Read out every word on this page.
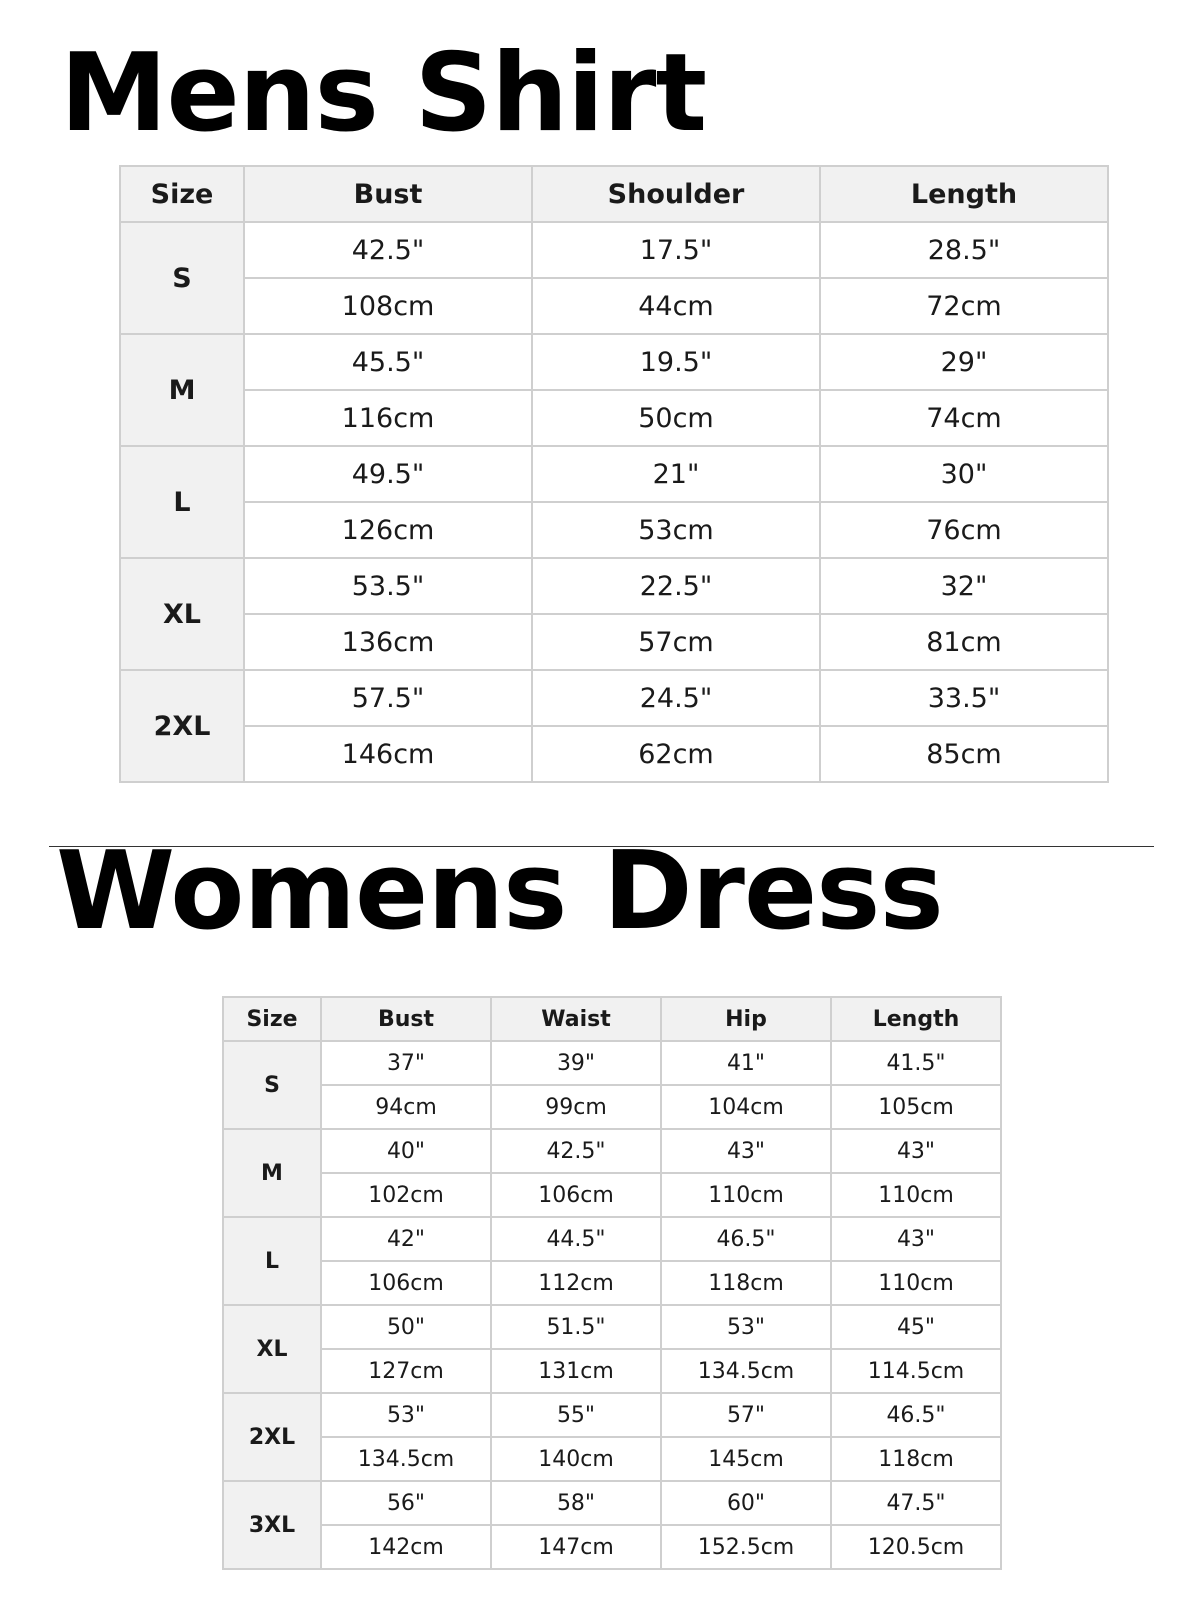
Mens Shirt
Size	Bust	Shoulder	Length
S	42.5"	17.5"	28.5"
	108cm	44cm	72cm
M	45.5"	19.5"	29"
	116cm	50cm	74cm
L	49.5"	21"	30"
	126cm	53cm	76cm
XL	53.5"	22.5"	32"
	136cm	57cm	81cm
2XL	57.5"	24.5"	33.5"
	146cm	62cm	85cm
Womens Dress
Size	Bust	Waist	Hip	Length
S	37"	39"	41"	41.5"
	94cm	99cm	104cm	105cm
M	40"	42.5"	43"	43"
	102cm	106cm	110cm	110cm
L	42"	44.5"	46.5"	43"
	106cm	112cm	118cm	110cm
XL	50"	51.5"	53"	45"
	127cm	131cm	134.5cm	114.5cm
2XL	53"	55"	57"	46.5"
	134.5cm	140cm	145cm	118cm
3XL	56"	58"	60"	47.5"
	142cm	147cm	152.5cm	120.5cm
